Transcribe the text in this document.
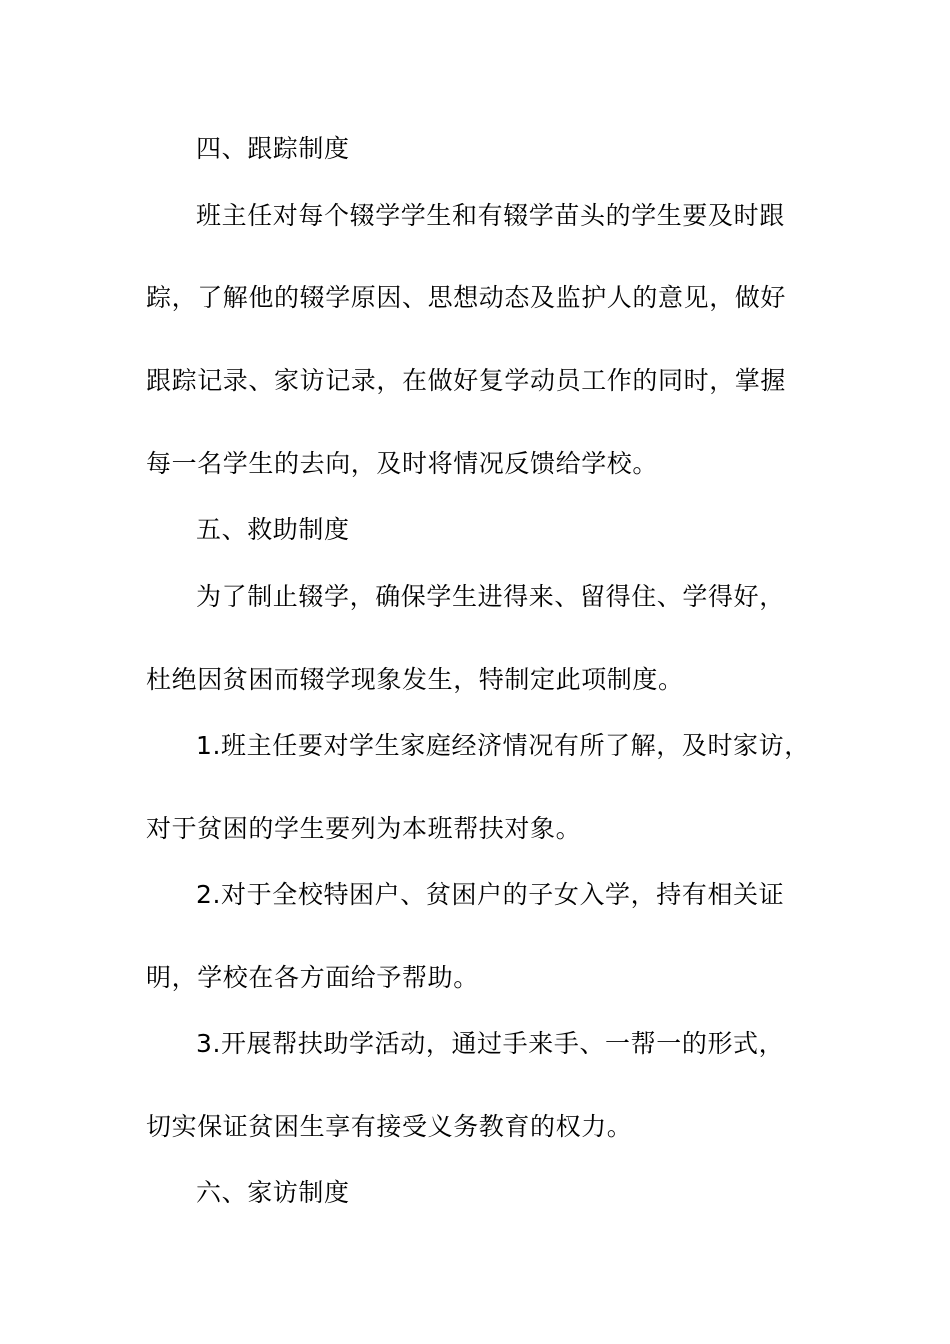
四、跟踪制度
班主任对每个辍学学生和有辍学苗头的学生要及时跟
踪，了解他的辍学原因、思想动态及监护人的意见，做好
跟踪记录、家访记录，在做好复学动员工作的同时，掌握
每一名学生的去向，及时将情况反馈给学校。
五、救助制度
为了制止辍学，确保学生进得来、留得住、学得好，
杜绝因贫困而辍学现象发生，特制定此项制度。
1.班主任要对学生家庭经济情况有所了解，及时家访，
对于贫困的学生要列为本班帮扶对象。
2.对于全校特困户、贫困户的子女入学，持有相关证
明，学校在各方面给予帮助。
3.开展帮扶助学活动，通过手来手、一帮一的形式，
切实保证贫困生享有接受义务教育的权力。
六、家访制度
